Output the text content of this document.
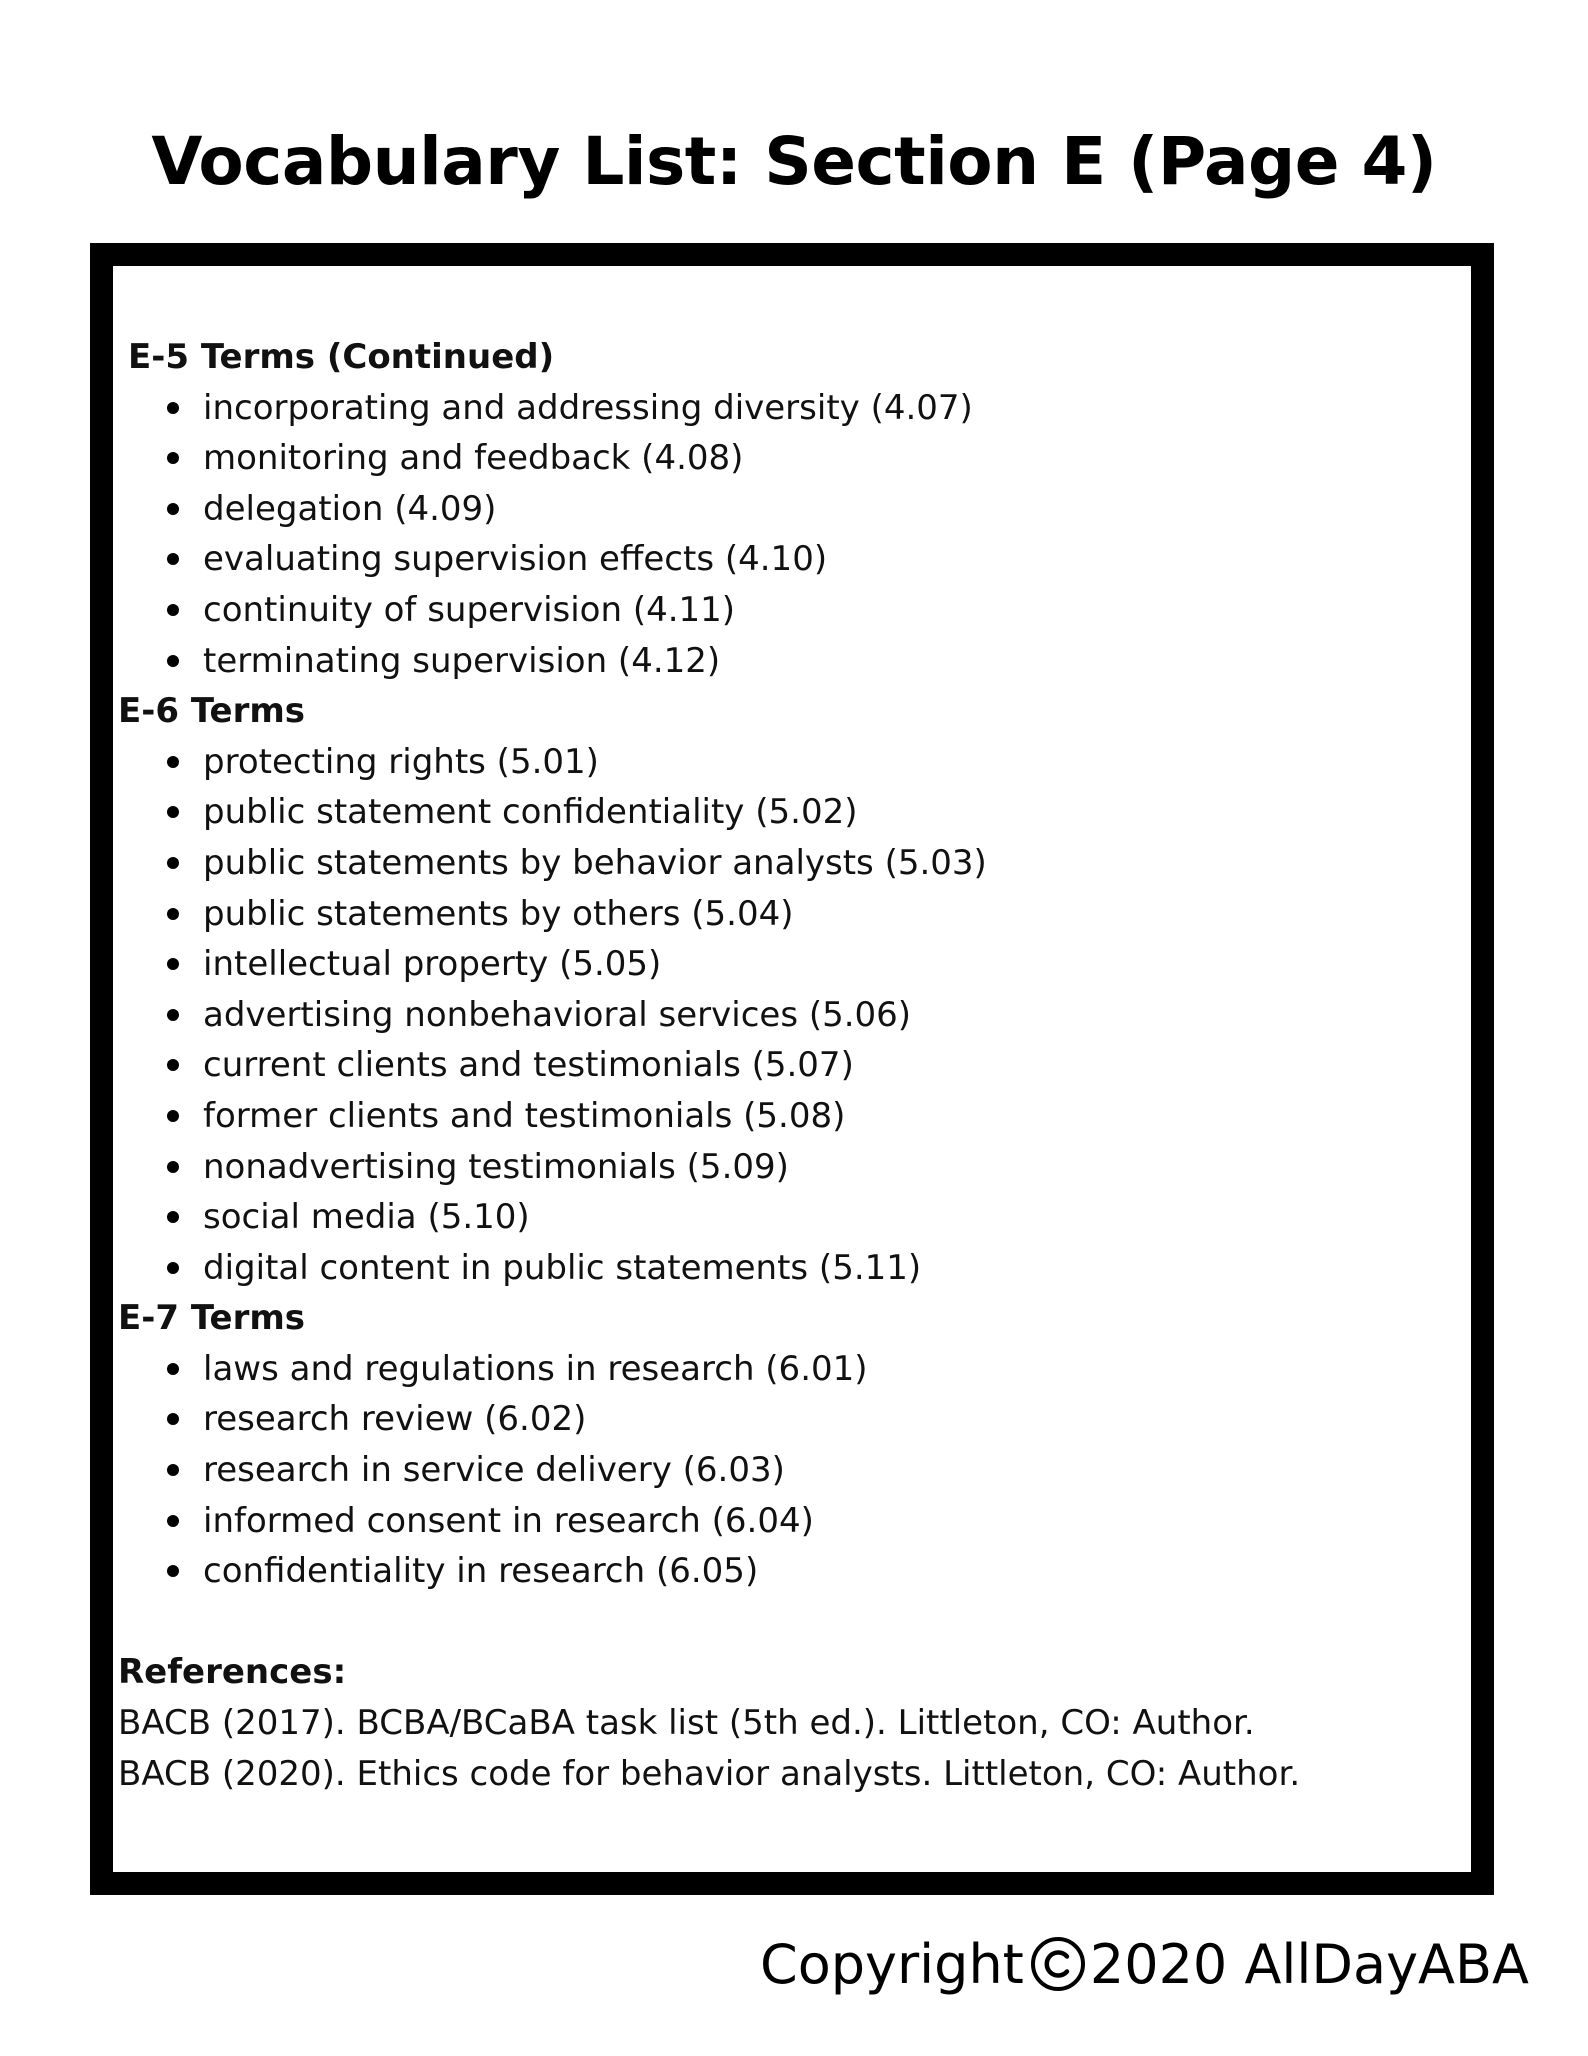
Vocabulary List: Section E (Page 4)

E-5 Terms (Continued)

incorporating and addressing diversity (4.07)
monitoring and feedback (4.08)
delegation (4.09)
evaluating supervision effects (4.10)
continuity of supervision (4.11)
terminating supervision (4.12)

E-6 Terms

protecting rights (5.01)
public statement confidentiality (5.02)
public statements by behavior analysts (5.03)
public statements by others (5.04)
intellectual property (5.05)
advertising nonbehavioral services (5.06)
current clients and testimonials (5.07)
former clients and testimonials (5.08)
nonadvertising testimonials (5.09)
social media (5.10)
digital content in public statements (5.11)

E-7 Terms

laws and regulations in research (6.01)
research review (6.02)
research in service delivery (6.03)
informed consent in research (6.04)
confidentiality in research (6.05)

References:

BACB (2017). BCBA/BCaBA task list (5th ed.). Littleton, CO: Author.

BACB (2020). Ethics code for behavior analysts. Littleton, CO: Author.

Copyright 2020 AllDayABA
